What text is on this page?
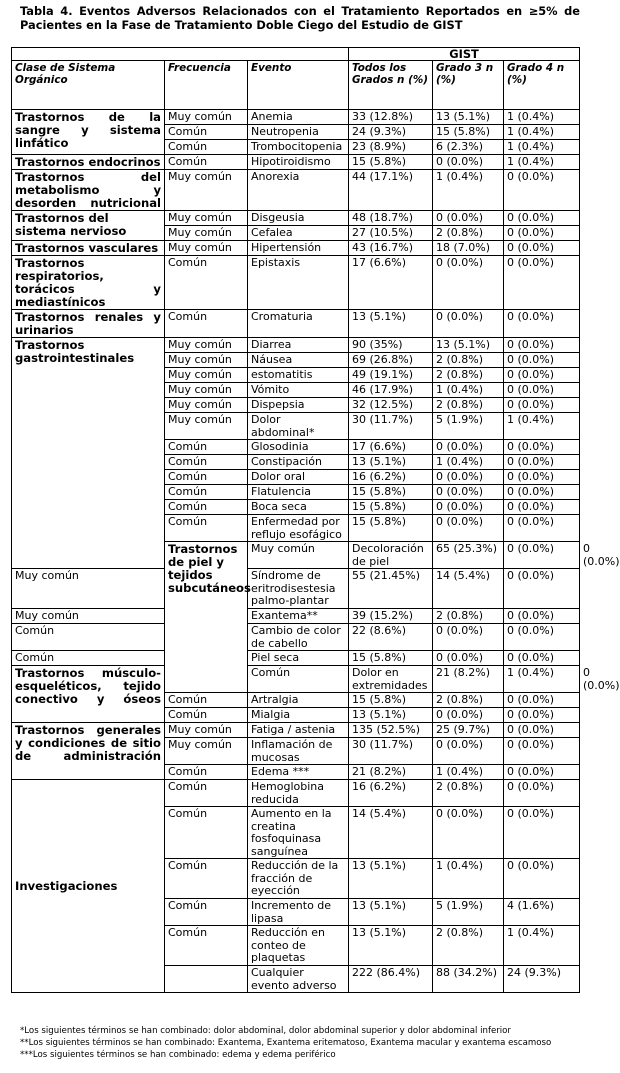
Tabla 4. Eventos Adversos Relacionados con el Tratamiento Reportados en ≥5% de Pacientes en la Fase de Tratamiento Doble Ciego del Estudio de GIST
			GIST			
Clase de Sistema Orgánico	Frecuencia	Evento	Todos los Grados n (%)	Grado 3 n (%)	Grado 4 n (%)	
Trastornos de la sangre y sistema linfático	Muy común	Anemia	33 (12.8%)	13 (5.1%)	1 (0.4%)	
	Común	Neutropenia	24 (9.3%)	15 (5.8%)	1 (0.4%)	
	Común	Trombocitopenia	23 (8.9%)	6 (2.3%)	1 (0.4%)	
Trastornos endocrinos	Común	Hipotiroidismo	15 (5.8%)	0 (0.0%)	1 (0.4%)	
Trastornos del metabolismo y desorden nutricional	Muy común	Anorexia	44 (17.1%)	1 (0.4%)	0 (0.0%)	
Trastornos del sistema nervioso	Muy común	Disgeusia	48 (18.7%)	0 (0.0%)	0 (0.0%)	
	Muy común	Cefalea	27 (10.5%)	2 (0.8%)	0 (0.0%)	
Trastornos vasculares	Muy común	Hipertensión	43 (16.7%)	18 (7.0%)	0 (0.0%)	
Trastornos respiratorios, torácicos y mediastínicos	Común	Epistaxis	17 (6.6%)	0 (0.0%)	0 (0.0%)	
Trastornos renales y urinarios	Común	Cromaturia	13 (5.1%)	0 (0.0%)	0 (0.0%)	
Trastornos gastrointestinales	Muy común	Diarrea	90 (35%)	13 (5.1%)	0 (0.0%)	
	Muy común	Náusea	69 (26.8%)	2 (0.8%)	0 (0.0%)	
	Muy común	estomatitis	49 (19.1%)	2 (0.8%)	0 (0.0%)	
	Muy común	Vómito	46 (17.9%)	1 (0.4%)	0 (0.0%)	
	Muy común	Dispepsia	32 (12.5%)	2 (0.8%)	0 (0.0%)	
	Muy común	Dolor abdominal*	30 (11.7%)	5 (1.9%)	1 (0.4%)	
	Común	Glosodinia	17 (6.6%)	0 (0.0%)	0 (0.0%)	
	Común	Constipación	13 (5.1%)	1 (0.4%)	0 (0.0%)	
	Común	Dolor oral	16 (6.2%)	0 (0.0%)	0 (0.0%)	
	Común	Flatulencia	15 (5.8%)	0 (0.0%)	0 (0.0%)	
	Común	Boca seca	15 (5.8%)	0 (0.0%)	0 (0.0%)	
	Común	Enfermedad por reflujo esofágico	15 (5.8%)	0 (0.0%)	0 (0.0%)	
	Trastornos de piel y tejidos subcutáneos	Muy común	Decoloración de piel	65 (25.3%)	0 (0.0%)	0 (0.0%)
Muy común		Síndrome de eritrodisestesia palmo-plantar	55 (21.45%)	14 (5.4%)	0 (0.0%)	
Muy común		Exantema**	39 (15.2%)	2 (0.8%)	0 (0.0%)	
Común		Cambio de color de cabello	22 (8.6%)	0 (0.0%)	0 (0.0%)	
Común		Piel seca	15 (5.8%)	0 (0.0%)	0 (0.0%)	
Trastornos músculo-esqueléticos, tejido conectivo y óseos		Común	Dolor en extremidades	21 (8.2%)	1 (0.4%)	0 (0.0%)
	Común	Artralgia	15 (5.8%)	2 (0.8%)	0 (0.0%)	
	Común	Mialgia	13 (5.1%)	0 (0.0%)	0 (0.0%)	
Trastornos generales y condiciones de sitio de administración	Muy común	Fatiga / astenia	135 (52.5%)	25 (9.7%)	0 (0.0%)	
	Muy común	Inflamación de mucosas	30 (11.7%)	0 (0.0%)	0 (0.0%)	
	Común	Edema ***	21 (8.2%)	1 (0.4%)	0 (0.0%)	
Investigaciones	Común	Hemoglobina reducida	16 (6.2%)	2 (0.8%)	0 (0.0%)	
	Común	Aumento en la creatina fosfoquinasa sanguínea	14 (5.4%)	0 (0.0%)	0 (0.0%)	
	Común	Reducción de la fracción de eyección	13 (5.1%)	1 (0.4%)	0 (0.0%)	
	Común	Incremento de lipasa	13 (5.1%)	5 (1.9%)	4 (1.6%)	
	Común	Reducción en conteo de plaquetas	13 (5.1%)	2 (0.8%)	1 (0.4%)	
		Cualquier evento adverso	222 (86.4%)	88 (34.2%)	24 (9.3%)	
*Los siguientes términos se han combinado: dolor abdominal, dolor abdominal superior y dolor abdominal inferior
**Los siguientes términos se han combinado: Exantema, Exantema eritematoso, Exantema macular y exantema escamoso
***Los siguientes términos se han combinado: edema y edema periférico
